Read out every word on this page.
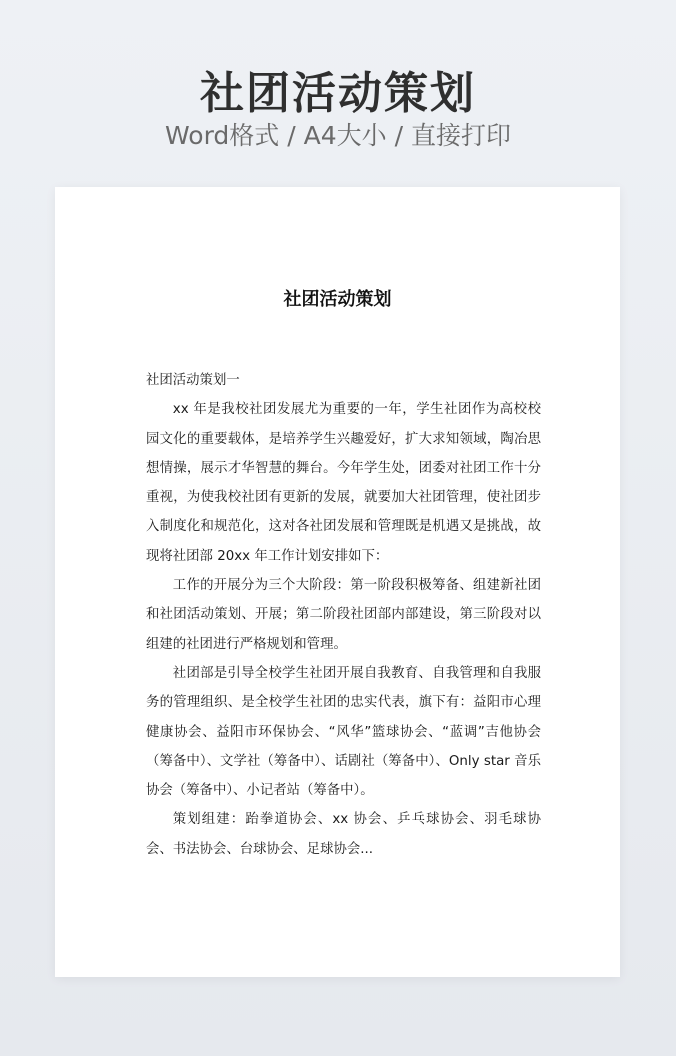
社团活动策划
Word格式 / A4大小 / 直接打印
社团活动策划

社团活动策划一

xx 年是我校社团发展尤为重要的一年，学生社团作为高校校园文化的重要载体，是培养学生兴趣爱好，扩大求知领域，陶冶思想情操，展示才华智慧的舞台。今年学生处，团委对社团工作十分重视，为使我校社团有更新的发展，就要加大社团管理，使社团步入制度化和规范化，这对各社团发展和管理既是机遇又是挑战，故现将社团部 20xx 年工作计划安排如下：

工作的开展分为三个大阶段：第一阶段积极筹备、组建新社团和社团活动策划、开展；第二阶段社团部内部建设，第三阶段对以组建的社团进行严格规划和管理。

社团部是引导全校学生社团开展自我教育、自我管理和自我服务的管理组织、是全校学生社团的忠实代表，旗下有：益阳市心理健康协会、益阳市环保协会、“风华”篮球协会、“蓝调”吉他协会（筹备中）、文学社（筹备中）、话剧社（筹备中）、Only star 音乐协会（筹备中）、小记者站（筹备中）。

策划组建：跆拳道协会、xx 协会、乒乓球协会、羽毛球协会、书法协会、台球协会、足球协会...
